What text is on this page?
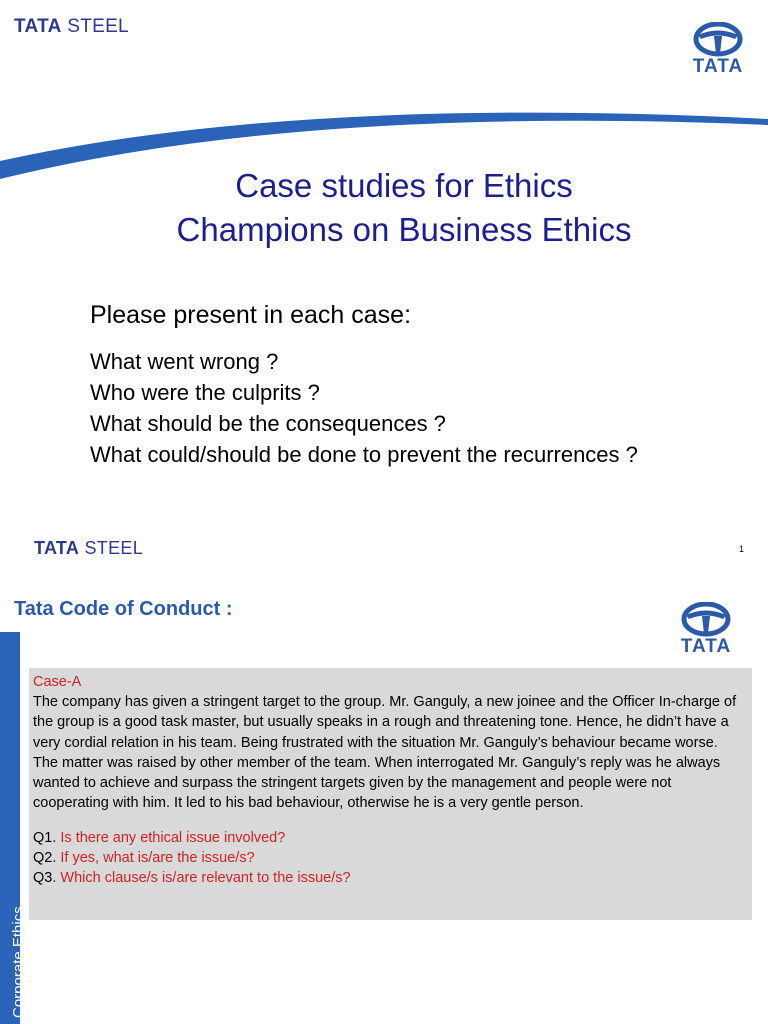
TATA STEEL
TATA
Case studies for Ethics
Champions on Business Ethics
Please present in each case:
What went wrong ?
Who were the culprits ?
What should be the consequences ?
What could/should be done to prevent the recurrences ?
TATA STEEL	1
Tata Code of Conduct :
TATA
Corporate Ethics
Case-A

The company has given a stringent target to the group. Mr. Ganguly, a new joinee and the Officer In-charge of the group is a good task master, but usually speaks in a rough and threatening tone. Hence, he didn’t have a very cordial relation in his team. Being frustrated with the situation Mr. Ganguly’s behaviour became worse. The matter was raised by other member of the team. When interrogated Mr. Ganguly’s reply was he always wanted to achieve and surpass the stringent targets given by the management and people were not cooperating with him. It led to his bad behaviour, otherwise he is a very gentle person.

Q1. Is there any ethical issue involved?
Q2. If yes, what is/are the issue/s?
Q3. Which clause/s is/are relevant to the issue/s?
